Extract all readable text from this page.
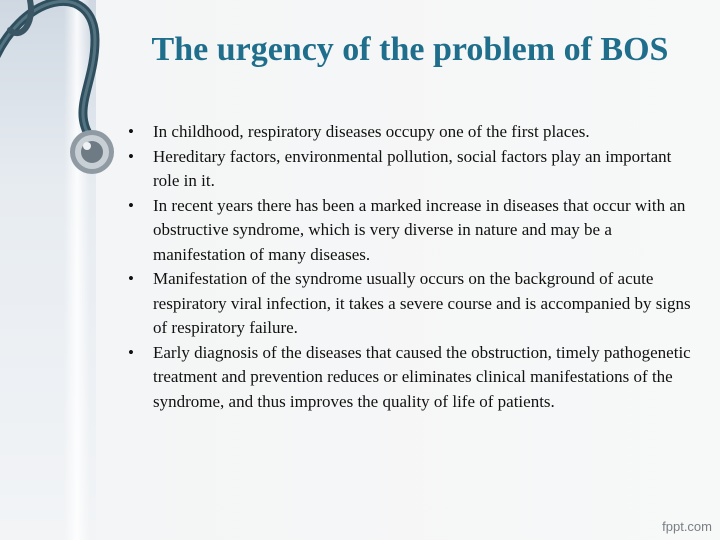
The urgency of the problem of BOS
• In childhood, respiratory diseases occupy one of the first places.
• Hereditary factors, environmental pollution, social factors play an important role in it.
• In recent years there has been a marked increase in diseases that occur with an obstructive syndrome, which is very diverse in nature and may be a manifestation of many diseases.
• Manifestation of the syndrome usually occurs on the background of acute respiratory viral infection, it takes a severe course and is accompanied by signs of respiratory failure.
• Early diagnosis of the diseases that caused the obstruction, timely pathogenetic treatment and prevention reduces or eliminates clinical manifestations of the syndrome, and thus improves the quality of life of patients.
fppt.com
